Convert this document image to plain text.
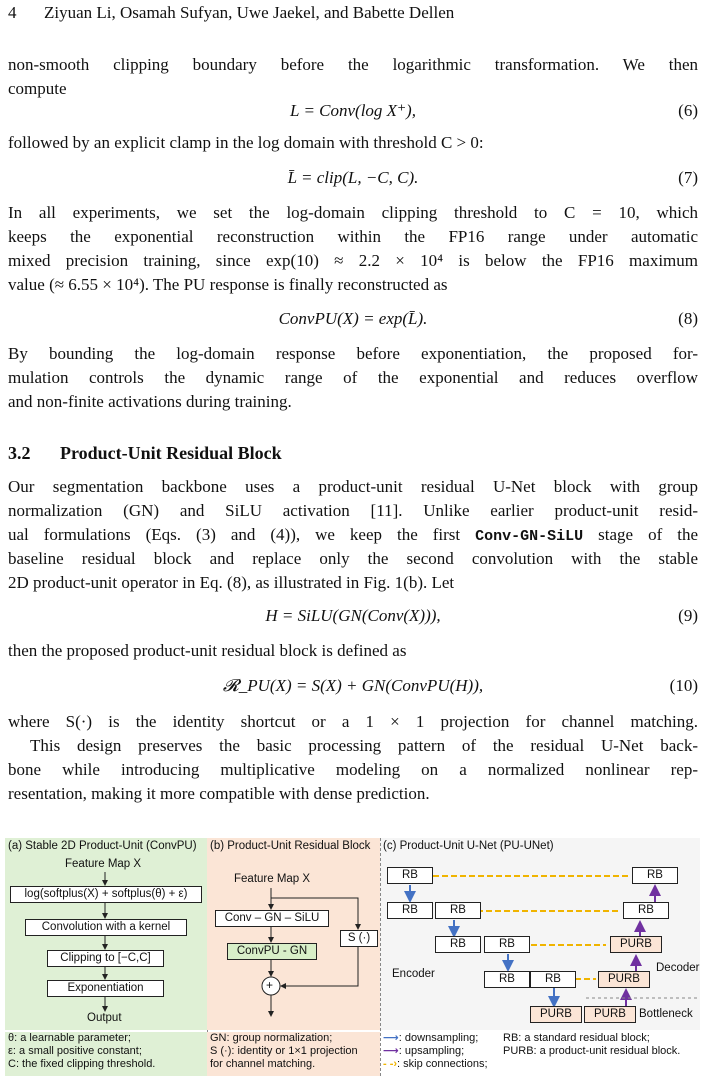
4 Ziyuan Li, Osamah Sufyan, Uwe Jaekel, and Babette Dellen
non-smooth clipping boundary before the logarithmic transformation. We then
compute
L = Conv(log X⁺),	(6)
followed by an explicit clamp in the log domain with threshold C > 0:
L̄ = clip(L, −C, C).	(7)
In all experiments, we set the log-domain clipping threshold to C = 10, which
keeps the exponential reconstruction within the FP16 range under automatic
mixed precision training, since exp(10) ≈ 2.2 × 10⁴ is below the FP16 maximum
value (≈ 6.55 × 10⁴). The PU response is finally reconstructed as
ConvPU(X) = exp(L̄).	(8)
By bounding the log-domain response before exponentiation, the proposed for-
mulation controls the dynamic range of the exponential and reduces overflow
and non-finite activations during training.
3.2 Product-Unit Residual Block
Our segmentation backbone uses a product-unit residual U-Net block with group
normalization (GN) and SiLU activation [11]. Unlike earlier product-unit resid-
ual formulations (Eqs. (3) and (4)), we keep the first Conv-GN-SiLU stage of the
baseline residual block and replace only the second convolution with the stable
2D product-unit operator in Eq. (8), as illustrated in Fig. 1(b). Let
H = SiLU(GN(Conv(X))),	(9)
then the proposed product-unit residual block is defined as
𝓡_PU(X) = S(X) + GN(ConvPU(H)),	(10)
where S(·) is the identity shortcut or a 1 × 1 projection for channel matching.
This design preserves the basic processing pattern of the residual U-Net back-
bone while introducing multiplicative modeling on a normalized nonlinear rep-
resentation, making it more compatible with dense prediction.
(a) Stable 2D Product-Unit (ConvPU)
Feature Map X
log(softplus(X) + softplus(θ) + ε)
Convolution with a kernel
Clipping to [−C,C]
Exponentiation
Output
(b) Product-Unit Residual Block
Feature Map X
Conv – GN – SiLU
ConvPU - GN
S (·)
+
(c) Product-Unit U-Net (PU-UNet)
RB
RB	RB
RB	RB
RB	RB
Encoder
PURB	PURB	Bottleneck
PURB
PURB
RB
RB
Decoder
θ: a learnable parameter;
ε: a small positive constant;
C: the fixed clipping threshold.
GN: group normalization;
S (·): identity or 1×1 projection
for channel matching.
⟶: downsampling;
⟶: upsampling;
- -›: skip connections;
RB: a standard residual block;
PURB: a product-unit residual block.
